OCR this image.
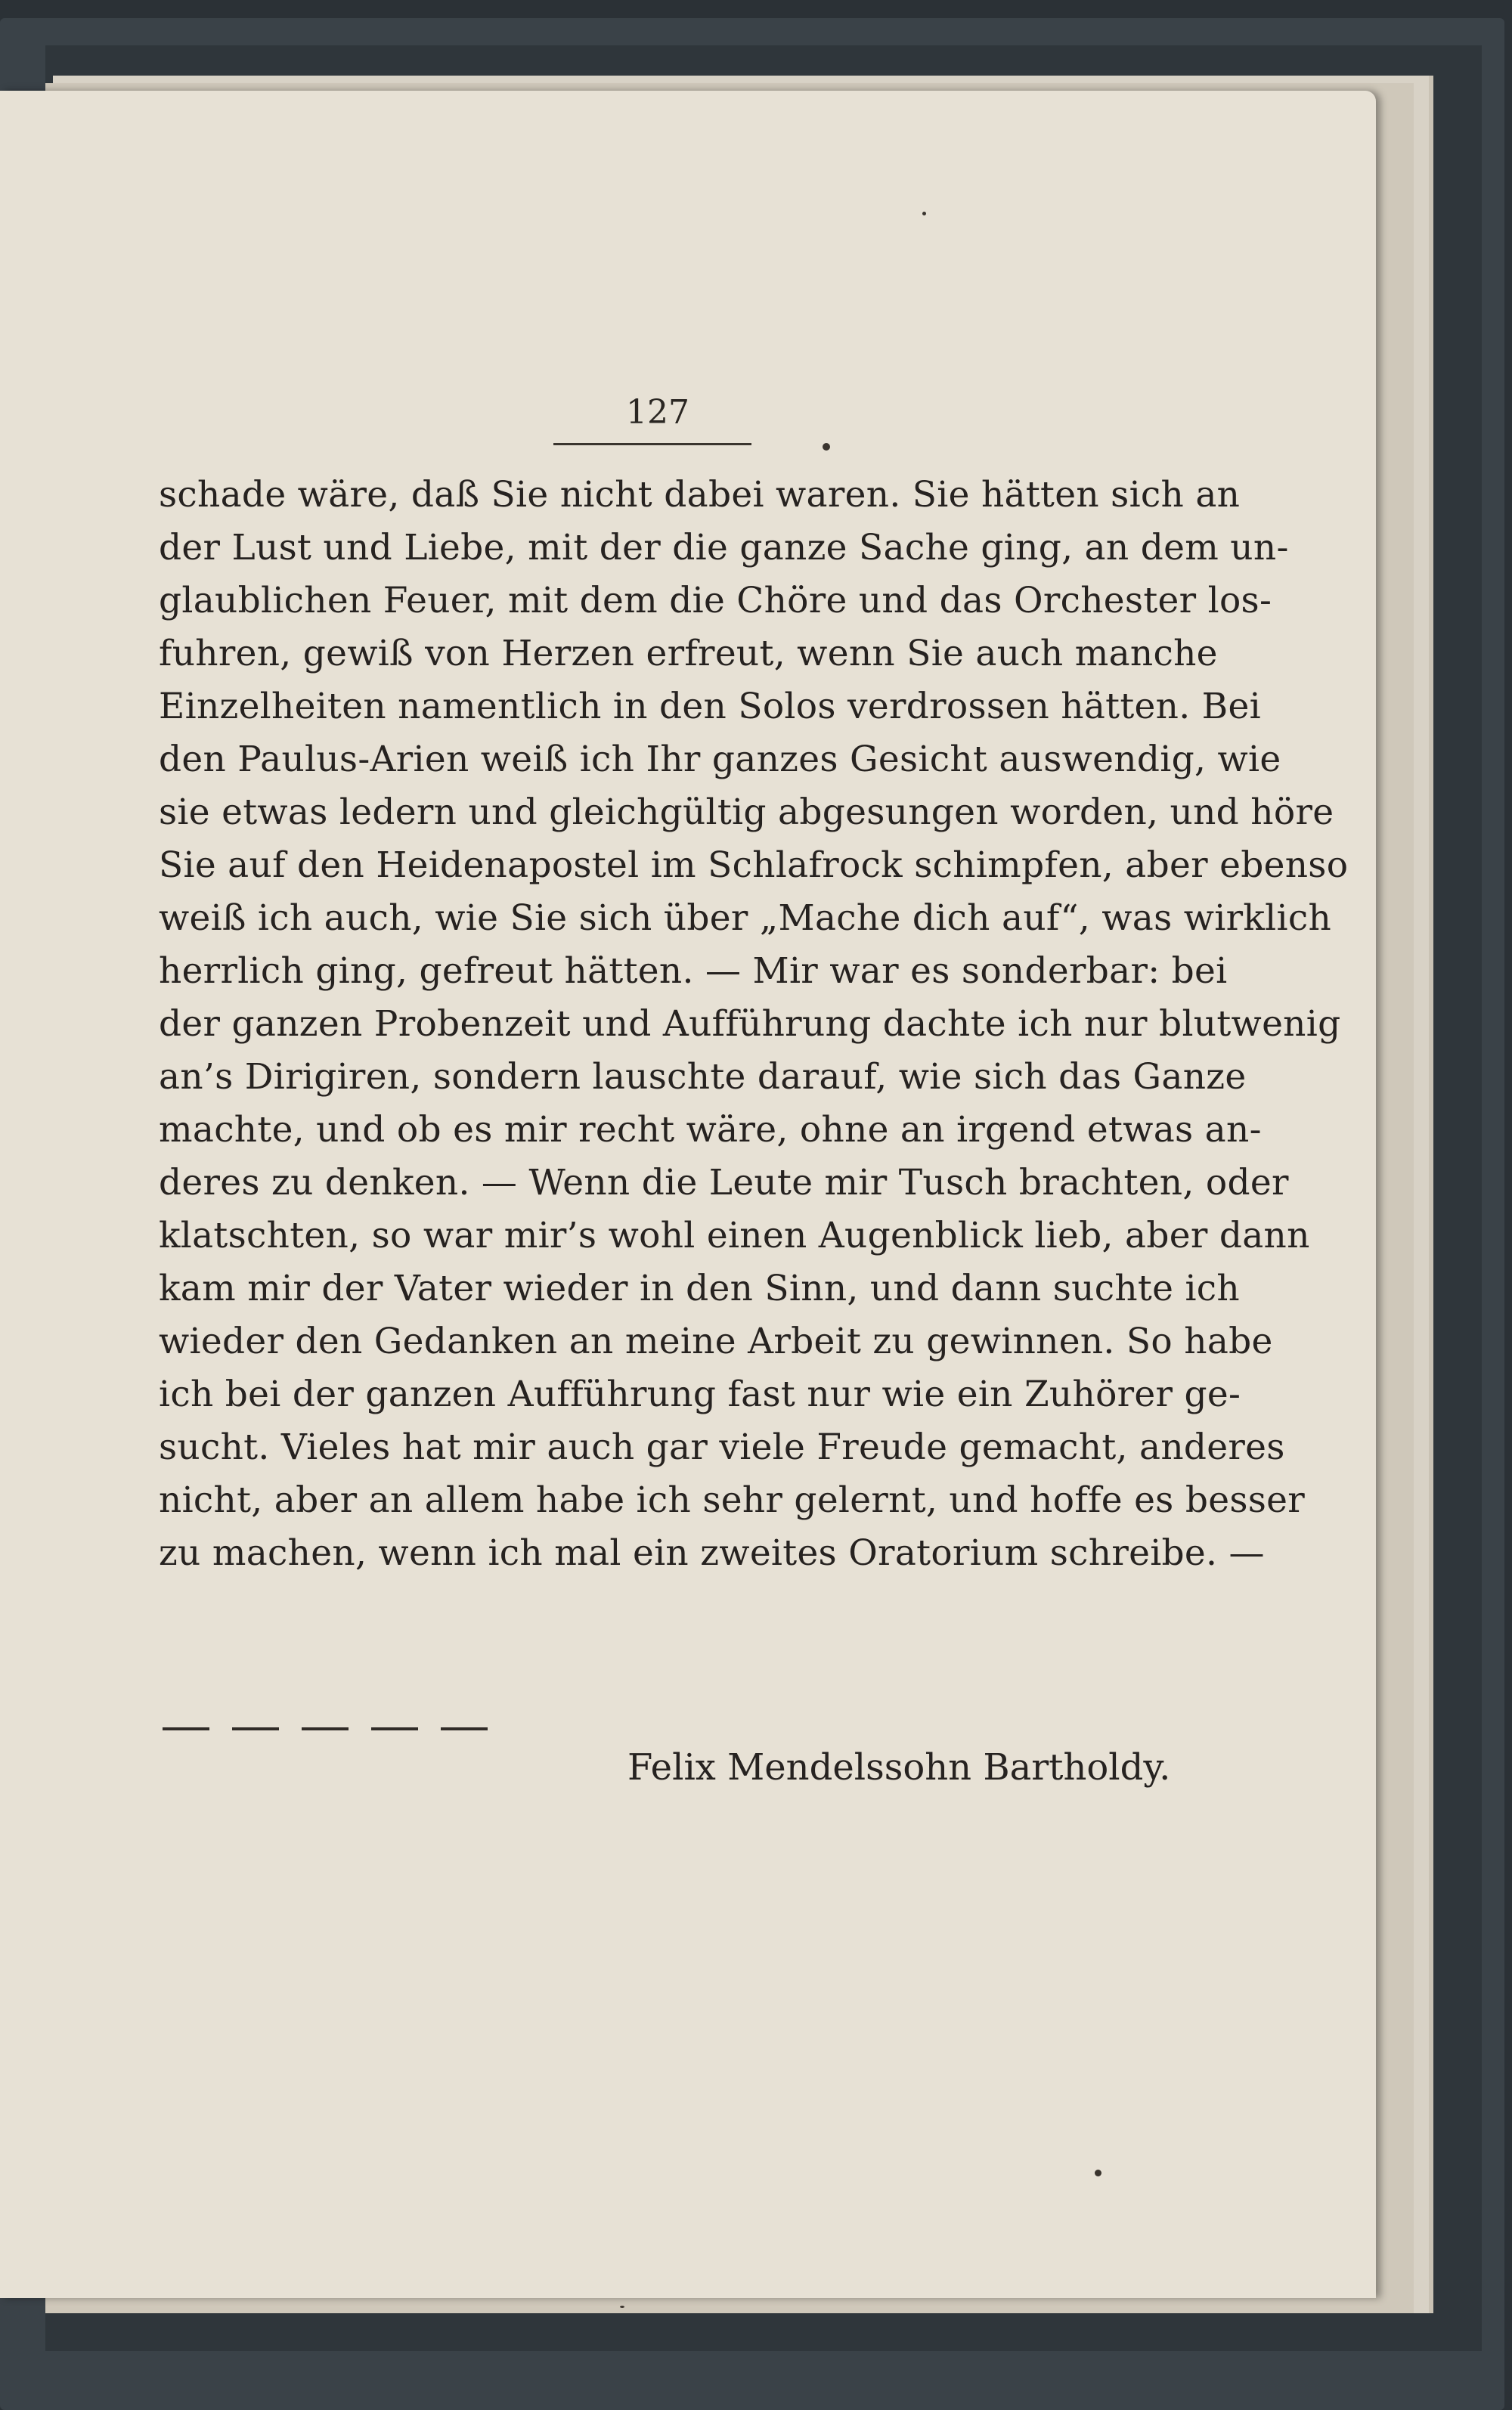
127
schade wäre, daß Sie nicht dabei waren. Sie hätten sich an
der Lust und Liebe, mit der die ganze Sache ging, an dem un-
glaublichen Feuer, mit dem die Chöre und das Orchester los-
fuhren, gewiß von Herzen erfreut, wenn Sie auch manche
Einzelheiten namentlich in den Solos verdrossen hätten. Bei
den Paulus-Arien weiß ich Ihr ganzes Gesicht auswendig, wie
sie etwas ledern und gleichgültig abgesungen worden, und höre
Sie auf den Heidenapostel im Schlafrock schimpfen, aber ebenso
weiß ich auch, wie Sie sich über „Mache dich auf“, was wirklich
herrlich ging, gefreut hätten. — Mir war es sonderbar: bei
der ganzen Probenzeit und Aufführung dachte ich nur blutwenig
an’s Dirigiren, sondern lauschte darauf, wie sich das Ganze
machte, und ob es mir recht wäre, ohne an irgend etwas an-
deres zu denken. — Wenn die Leute mir Tusch brachten, oder
klatschten, so war mir’s wohl einen Augenblick lieb, aber dann
kam mir der Vater wieder in den Sinn, und dann suchte ich
wieder den Gedanken an meine Arbeit zu gewinnen. So habe
ich bei der ganzen Aufführung fast nur wie ein Zuhörer ge-
sucht. Vieles hat mir auch gar viele Freude gemacht, anderes
nicht, aber an allem habe ich sehr gelernt, und hoffe es besser
zu machen, wenn ich mal ein zweites Oratorium schreibe. —
Felix Mendelssohn Bartholdy.
